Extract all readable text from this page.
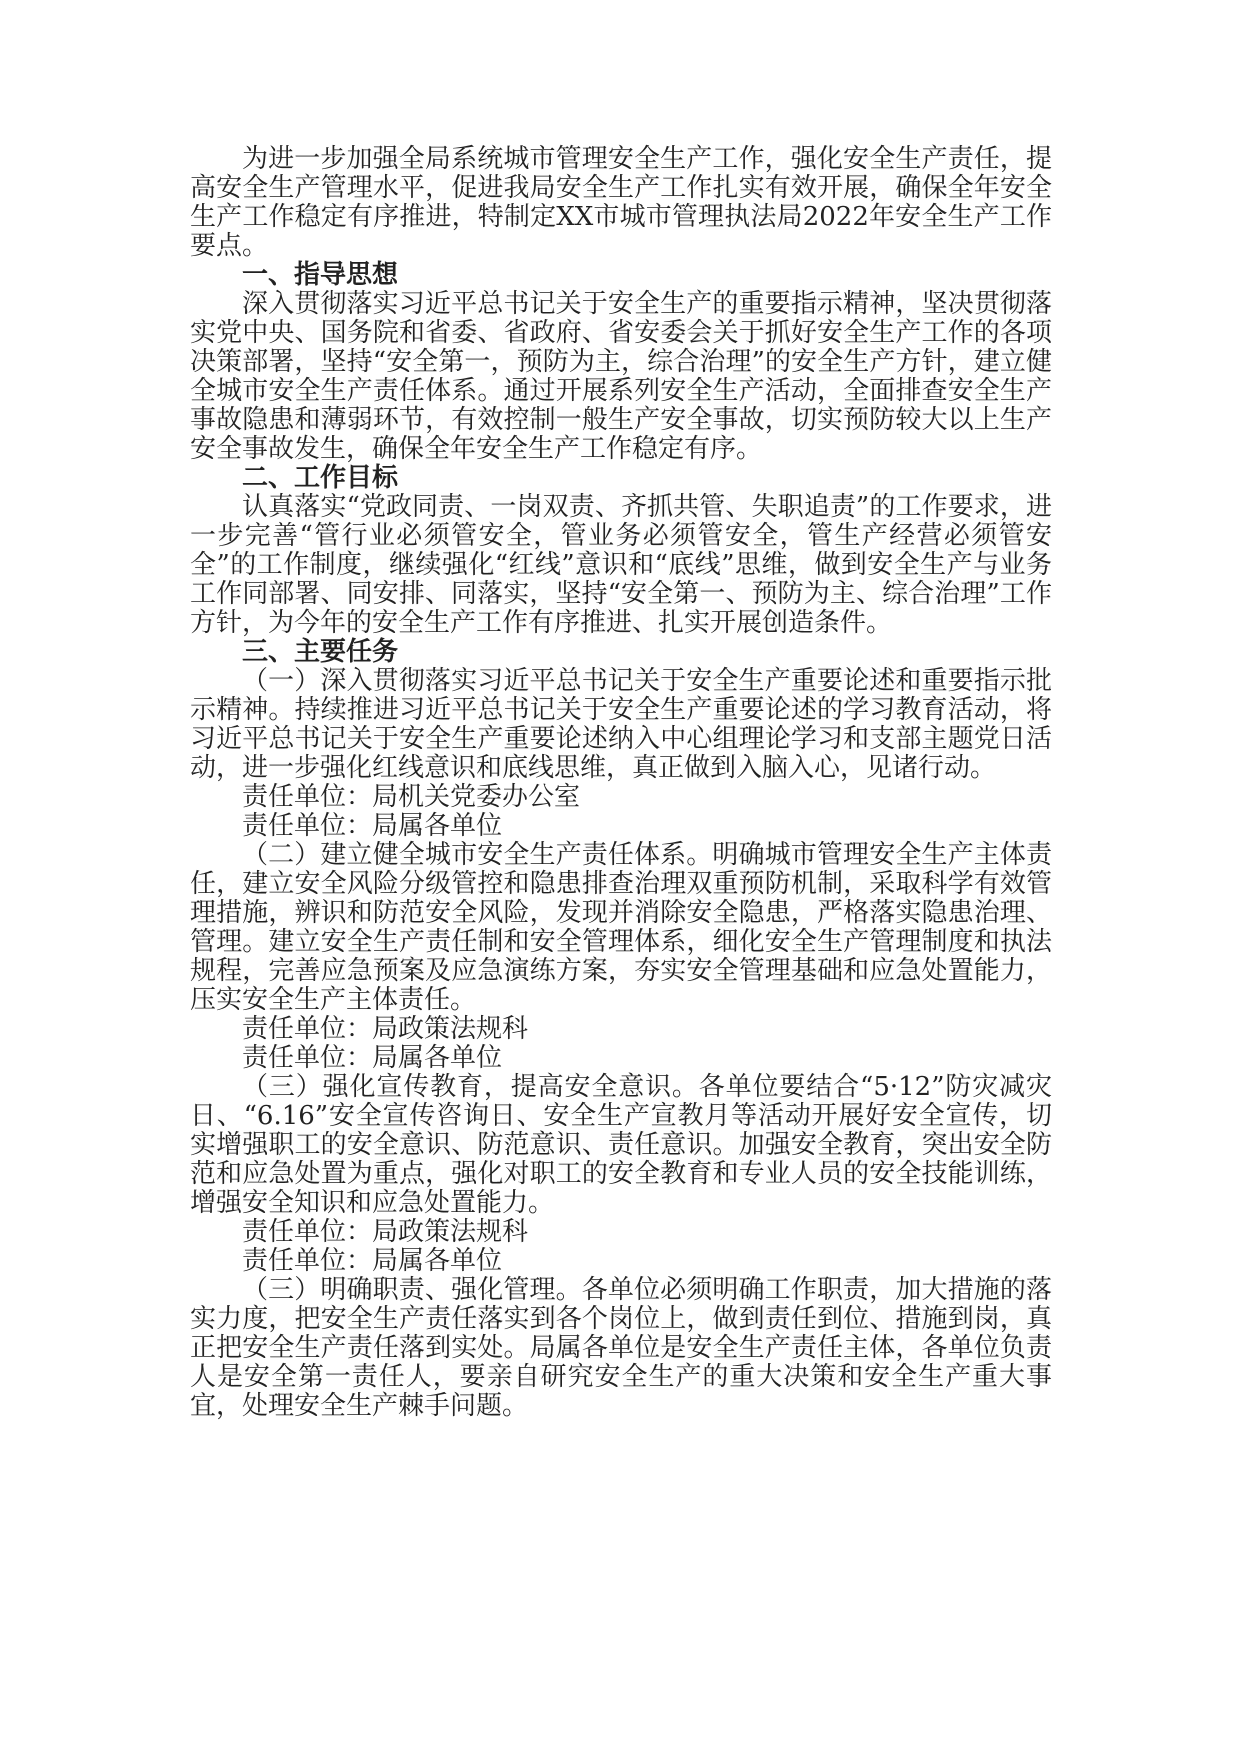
为进一步加强全局系统城市管理安全生产工作，强化安全生产责任，提高安全生产管理水平，促进我局安全生产工作扎实有效开展，确保全年安全生产工作稳定有序推进，特制定XX市城市管理执法局2022年安全生产工作要点。

一、指导思想

深入贯彻落实习近平总书记关于安全生产的重要指示精神，坚决贯彻落实党中央、国务院和省委、省政府、省安委会关于抓好安全生产工作的各项决策部署，坚持“安全第一，预防为主，综合治理”的安全生产方针，建立健全城市安全生产责任体系。通过开展系列安全生产活动，全面排查安全生产事故隐患和薄弱环节，有效控制一般生产安全事故，切实预防较大以上生产安全事故发生，确保全年安全生产工作稳定有序。

二、工作目标

认真落实“党政同责、一岗双责、齐抓共管、失职追责”的工作要求，进一步完善“管行业必须管安全，管业务必须管安全，管生产经营必须管安全”的工作制度，继续强化“红线”意识和“底线”思维，做到安全生产与业务工作同部署、同安排、同落实，坚持“安全第一、预防为主、综合治理”工作方针，为今年的安全生产工作有序推进、扎实开展创造条件。

三、主要任务

（一）深入贯彻落实习近平总书记关于安全生产重要论述和重要指示批示精神。持续推进习近平总书记关于安全生产重要论述的学习教育活动，将习近平总书记关于安全生产重要论述纳入中心组理论学习和支部主题党日活动，进一步强化红线意识和底线思维，真正做到入脑入心，见诸行动。

责任单位：局机关党委办公室

责任单位：局属各单位

（二）建立健全城市安全生产责任体系。明确城市管理安全生产主体责任，建立安全风险分级管控和隐患排查治理双重预防机制，采取科学有效管理措施，辨识和防范安全风险，发现并消除安全隐患，严格落实隐患治理、管理。建立安全生产责任制和安全管理体系，细化安全生产管理制度和执法规程，完善应急预案及应急演练方案，夯实安全管理基础和应急处置能力，压实安全生产主体责任。

责任单位：局政策法规科

责任单位：局属各单位

（三）强化宣传教育，提高安全意识。各单位要结合“5·12”防灾减灾日、“6.16”安全宣传咨询日、安全生产宣教月等活动开展好安全宣传，切实增强职工的安全意识、防范意识、责任意识。加强安全教育，突出安全防范和应急处置为重点，强化对职工的安全教育和专业人员的安全技能训练，增强安全知识和应急处置能力。

责任单位：局政策法规科

责任单位：局属各单位

（三）明确职责、强化管理。各单位必须明确工作职责，加大措施的落实力度，把安全生产责任落实到各个岗位上，做到责任到位、措施到岗，真正把安全生产责任落到实处。局属各单位是安全生产责任主体，各单位负责人是安全第一责任人，要亲自研究安全生产的重大决策和安全生产重大事宜，处理安全生产棘手问题。
